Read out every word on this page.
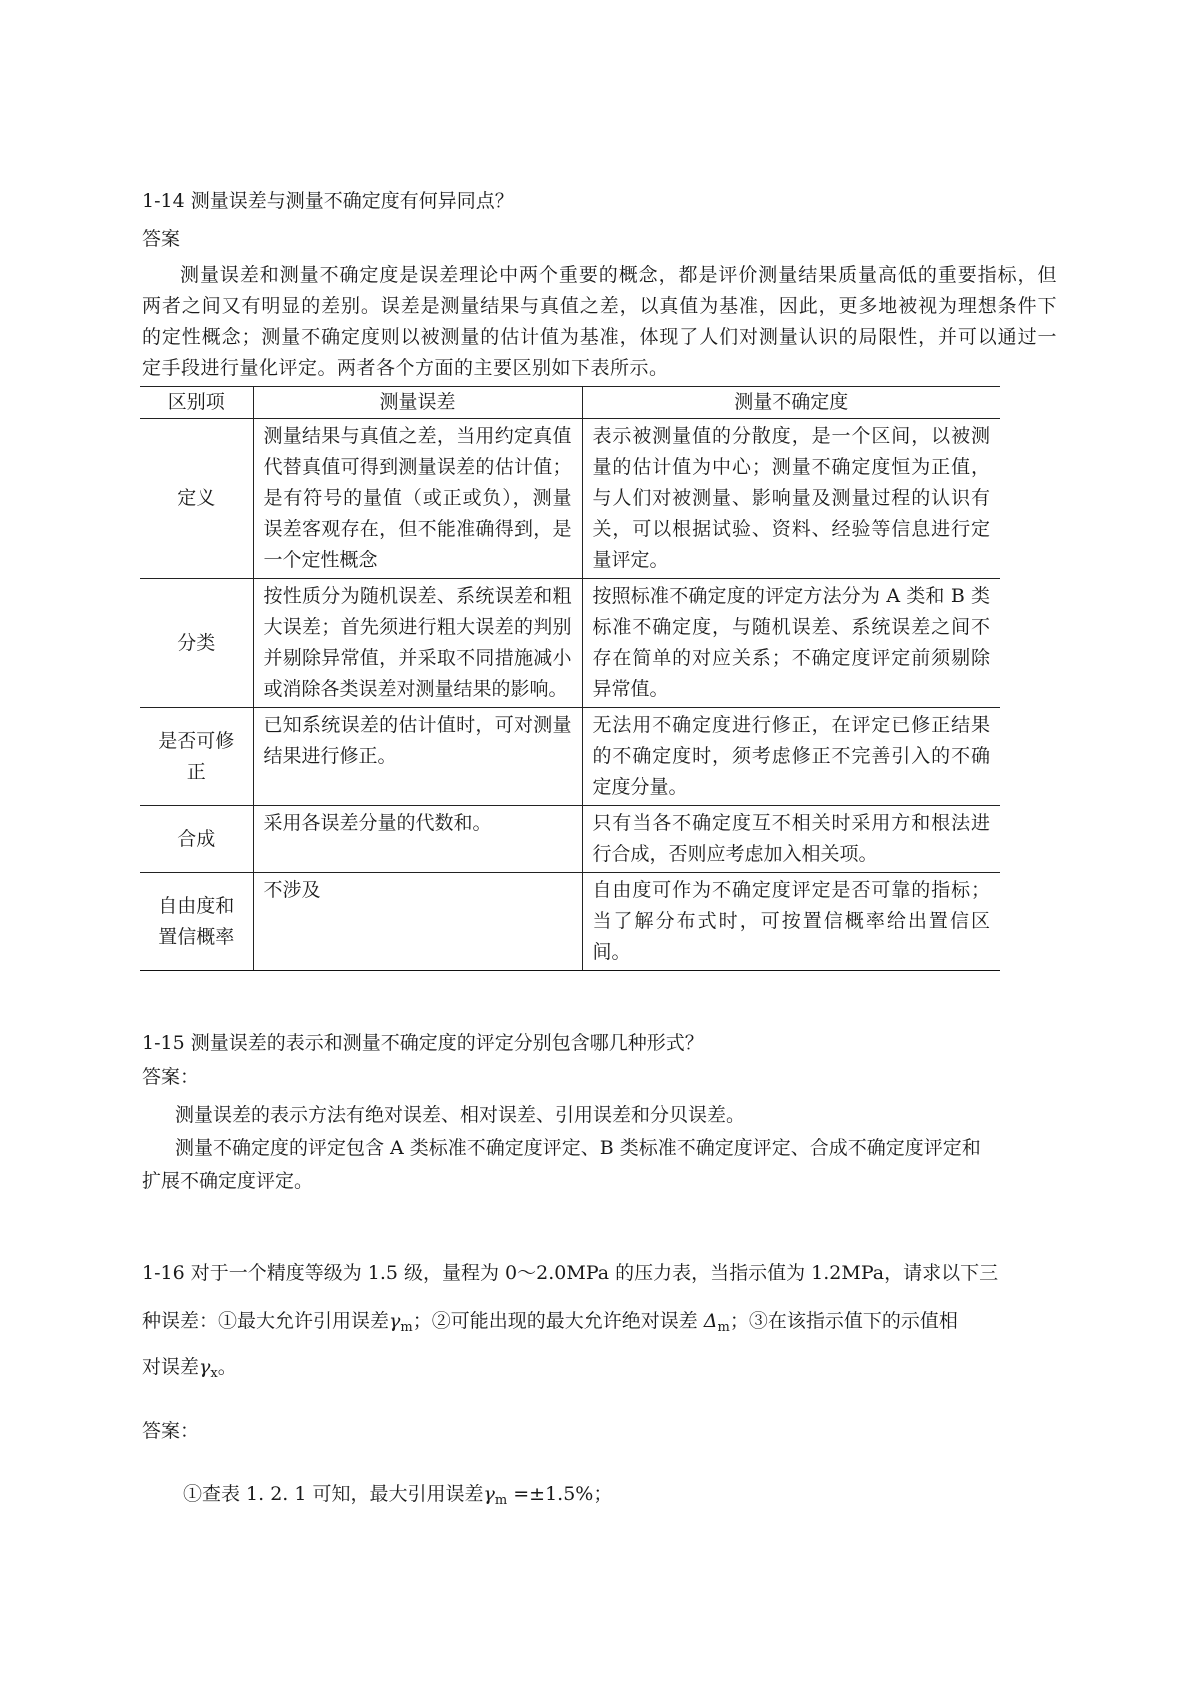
1-14 测量误差与测量不确定度有何异同点？
答案
测量误差和测量不确定度是误差理论中两个重要的概念，都是评价测量结果质量高低的重要指标，但两者之间又有明显的差别。误差是测量结果与真值之差，以真值为基准，因此，更多地被视为理想条件下的定性概念；测量不确定度则以被测量的估计值为基准，体现了人们对测量认识的局限性，并可以通过一定手段进行量化评定。两者各个方面的主要区别如下表所示。
区别项	测量误差	测量不确定度
定义	测量结果与真值之差，当用约定真值代替真值可得到测量误差的估计值；是有符号的量值（或正或负），测量误差客观存在，但不能准确得到，是一个定性概念	表示被测量值的分散度，是一个区间，以被测量的估计值为中心；测量不确定度恒为正值，与人们对被测量、影响量及测量过程的认识有关，可以根据试验、资料、经验等信息进行定量评定。
分类	按性质分为随机误差、系统误差和粗大误差；首先须进行粗大误差的判别并剔除异常值，并采取不同措施减小或消除各类误差对测量结果的影响。	按照标准不确定度的评定方法分为 A 类和 B 类标准不确定度，与随机误差、系统误差之间不存在简单的对应关系；不确定度评定前须剔除异常值。
是否可修正	已知系统误差的估计值时，可对测量结果进行修正。	无法用不确定度进行修正，在评定已修正结果的不确定度时，须考虑修正不完善引入的不确定度分量。
合成	采用各误差分量的代数和。	只有当各不确定度互不相关时采用方和根法进行合成，否则应考虑加入相关项。
自由度和置信概率	不涉及	自由度可作为不确定度评定是否可靠的指标；当了解分布式时，可按置信概率给出置信区间。
1-15 测量误差的表示和测量不确定度的评定分别包含哪几种形式？
答案：
测量误差的表示方法有绝对误差、相对误差、引用误差和分贝误差。
测量不确定度的评定包含 A 类标准不确定度评定、B 类标准不确定度评定、合成不确定度评定和
扩展不确定度评定。
1-16 对于一个精度等级为 1.5 级，量程为 0～2.0MPa 的压力表，当指示值为 1.2MPa，请求以下三
种误差：①最大允许引用误差$\gamma_m$；②可能出现的最大允许绝对误差 $\Delta_m$；③在该指示值下的示值相
对误差$\gamma_x$。
答案：
①查表 1. 2. 1 可知，最大引用误差$\gamma_m =\pm 1.5\%$；
